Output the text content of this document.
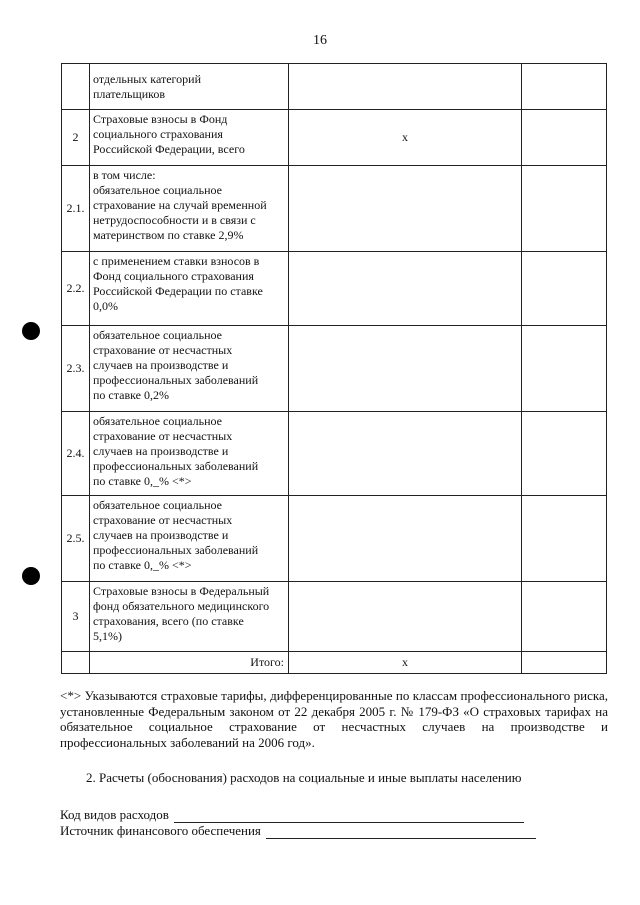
16

	отдельных категорий
плательщиков		

2	Страховые взносы в Фонд
социального страхования
Российской Федерации, всего	x	
2.1.	в том числе:
обязательное социальное
страхование на случай временной
нетрудоспособности и в связи с
материнством по ставке 2,9%		

2.2.	с применением ставки взносов в
Фонд социального страхования
Российской Федерации по ставке
0,0%		

2.3.	обязательное социальное
страхование от несчастных
случаев на производстве и
профессиональных заболеваний
по ставке 0,2%		

2.4.	обязательное социальное
страхование от несчастных
случаев на производстве и
профессиональных заболеваний
по ставке 0,_% <*>		

2.5.	обязательное социальное
страхование от несчастных
случаев на производстве и
профессиональных заболеваний
по ставке 0,_% <*>		

3	Страховые взносы в Федеральный
фонд обязательного медицинского
страхования, всего (по ставке
5,1%)		

	Итого:	x	
<*> Указываются страховые тарифы, дифференцированные по классам профессионального риска, установленные Федеральным законом от 22 декабря 2005 г. № 179-ФЗ «О страховых тарифах на обязательное социальное страхование от несчастных случаев на производстве и профессиональных заболеваний на 2006 год».
2. Расчеты (обоснования) расходов на социальные и иные выплаты населению
Код видов расходов
Источник финансового обеспечения
